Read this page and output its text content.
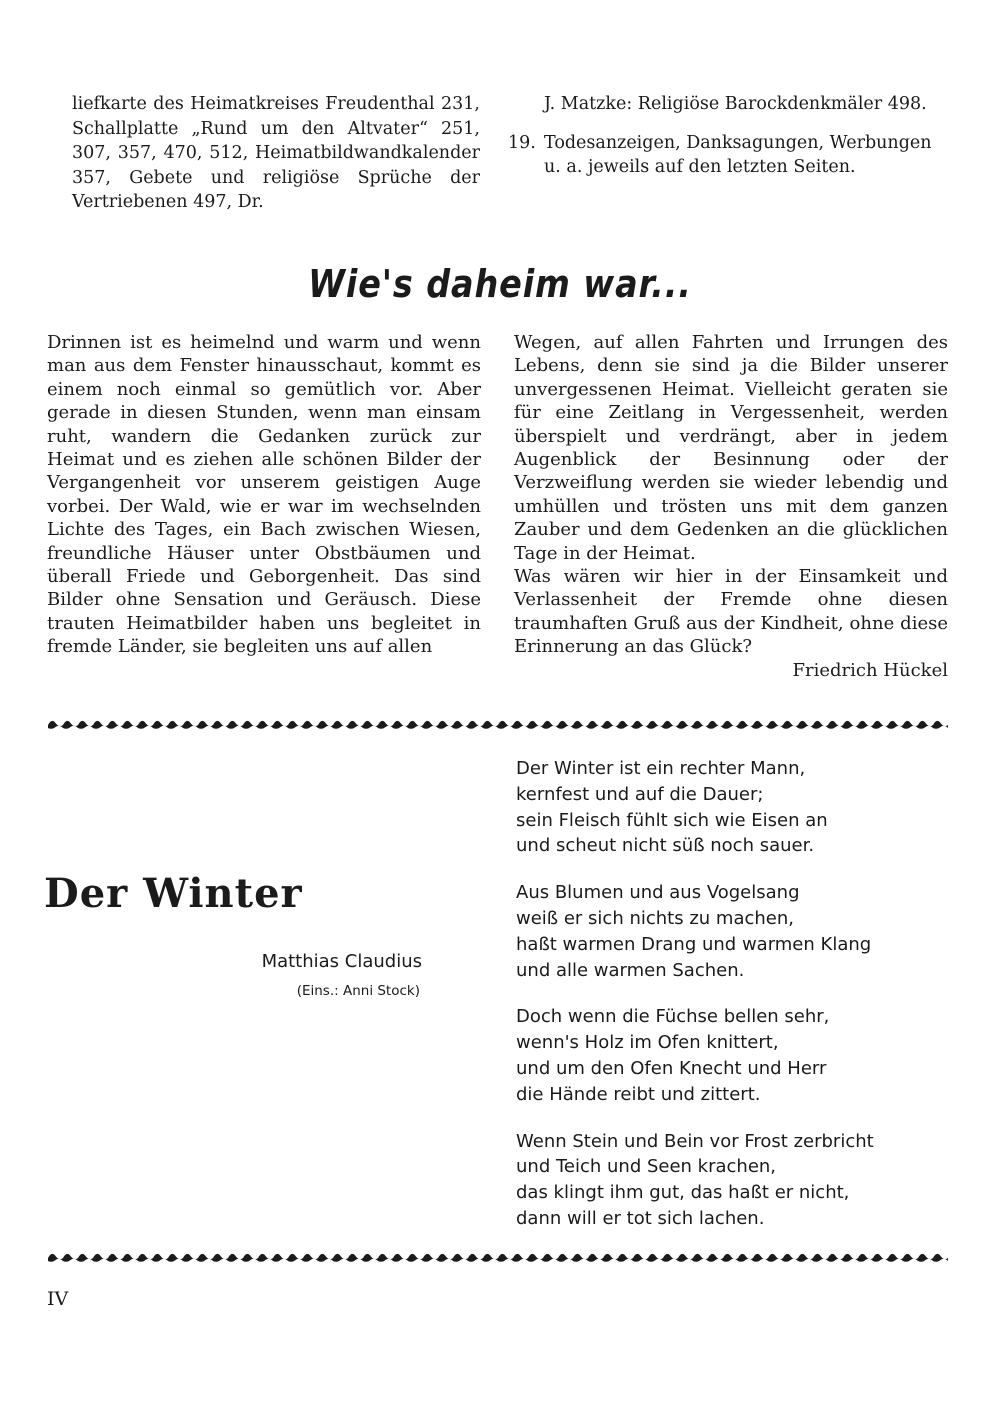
liefkarte des Heimatkreises Freudenthal 231, Schallplatte „Rund um den Altvater“ 251, 307, 357, 470, 512, Heimatbildwandkalender 357, Gebete und religiöse Sprüche der Vertriebenen 497, Dr.
J. Matzke: Religiöse Barockdenkmäler 498.
19. Todesanzeigen, Danksagungen, Werbungen u. a. jeweils auf den letzten Seiten.
Wie's daheim war...

Drinnen ist es heimelnd und warm und wenn man aus dem Fenster hinausschaut, kommt es einem noch einmal so gemütlich vor. Aber gerade in diesen Stunden, wenn man einsam ruht, wandern die Gedanken zurück zur Heimat und es ziehen alle schönen Bilder der Vergangenheit vor unserem geistigen Auge vorbei. Der Wald, wie er war im wechselnden Lichte des Tages, ein Bach zwischen Wiesen, freundliche Häuser unter Obstbäumen und überall Friede und Geborgenheit. Das sind Bilder ohne Sensation und Geräusch. Diese trauten Heimatbilder haben uns begleitet in fremde Länder, sie begleiten uns auf allen

Wegen, auf allen Fahrten und Irrungen des Lebens, denn sie sind ja die Bilder unserer unvergessenen Heimat. Vielleicht geraten sie für eine Zeitlang in Vergessenheit, werden überspielt und verdrängt, aber in jedem Augenblick der Besinnung oder der Verzweiflung werden sie wieder lebendig und umhüllen und trösten uns mit dem ganzen Zauber und dem Gedenken an die glücklichen Tage in der Heimat.

Was wären wir hier in der Einsamkeit und Verlassenheit der Fremde ohne diesen traumhaften Gruß aus der Kindheit, ohne diese Erinnerung an das Glück?

Friedrich Hückel

Der Winter
Matthias Claudius
(Eins.: Anni Stock)
Der Winter ist ein rechter Mann,
kernfest und auf die Dauer;
sein Fleisch fühlt sich wie Eisen an
und scheut nicht süß noch sauer.
Aus Blumen und aus Vogelsang
weiß er sich nichts zu machen,
haßt warmen Drang und warmen Klang
und alle warmen Sachen.
Doch wenn die Füchse bellen sehr,
wenn's Holz im Ofen knittert,
und um den Ofen Knecht und Herr
die Hände reibt und zittert.
Wenn Stein und Bein vor Frost zerbricht
und Teich und Seen krachen,
das klingt ihm gut, das haßt er nicht,
dann will er tot sich lachen.
IV
